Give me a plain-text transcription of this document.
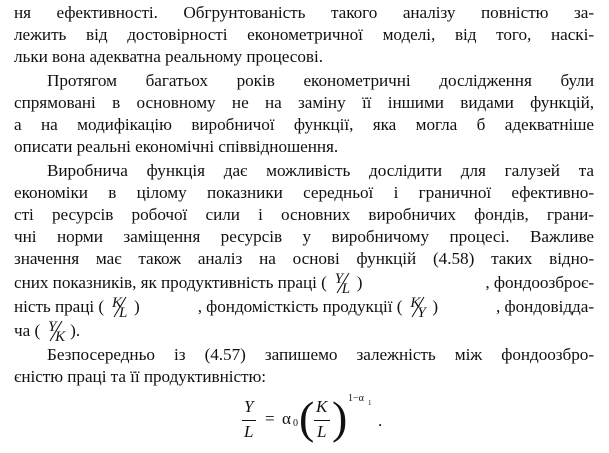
ня ефективності. Обгрунтованість такого аналізу повністю за-
лежить від достовірності економетричної моделі, від того, наскі-
льки вона адекватна реальному процесові.
Протягом багатьох років економетричні дослідження були
спрямовані в основному не на заміну її іншими видами функцій,
а на модифікацію виробничої функції, яка могла б адекватніше
описати реальні економічні співвідношення.
Виробнича функція дає можливість дослідити для галузей та
економіки в цілому показники середньої і граничної ефективно-
сті ресурсів робочої сили і основних виробничих фондів, грани-
чні норми заміщення ресурсів у виробничому процесі. Важливе
значення має також аналіз на основі функцій (4.58) таких відно-
сних показників, як продуктивність праці ( Y
L )	, фондоозброє-
ність праці ( K
L )	, фондомісткість продукції ( K
Y )	, фондовіддa-
ча ( Y
K ).
Безпосередньо із (4.57) запишемо залежність між фондоозбро-
єністю праці та її продуктивністю:
Y
L
= α 0 ( K
L ) 1−α 1
.
